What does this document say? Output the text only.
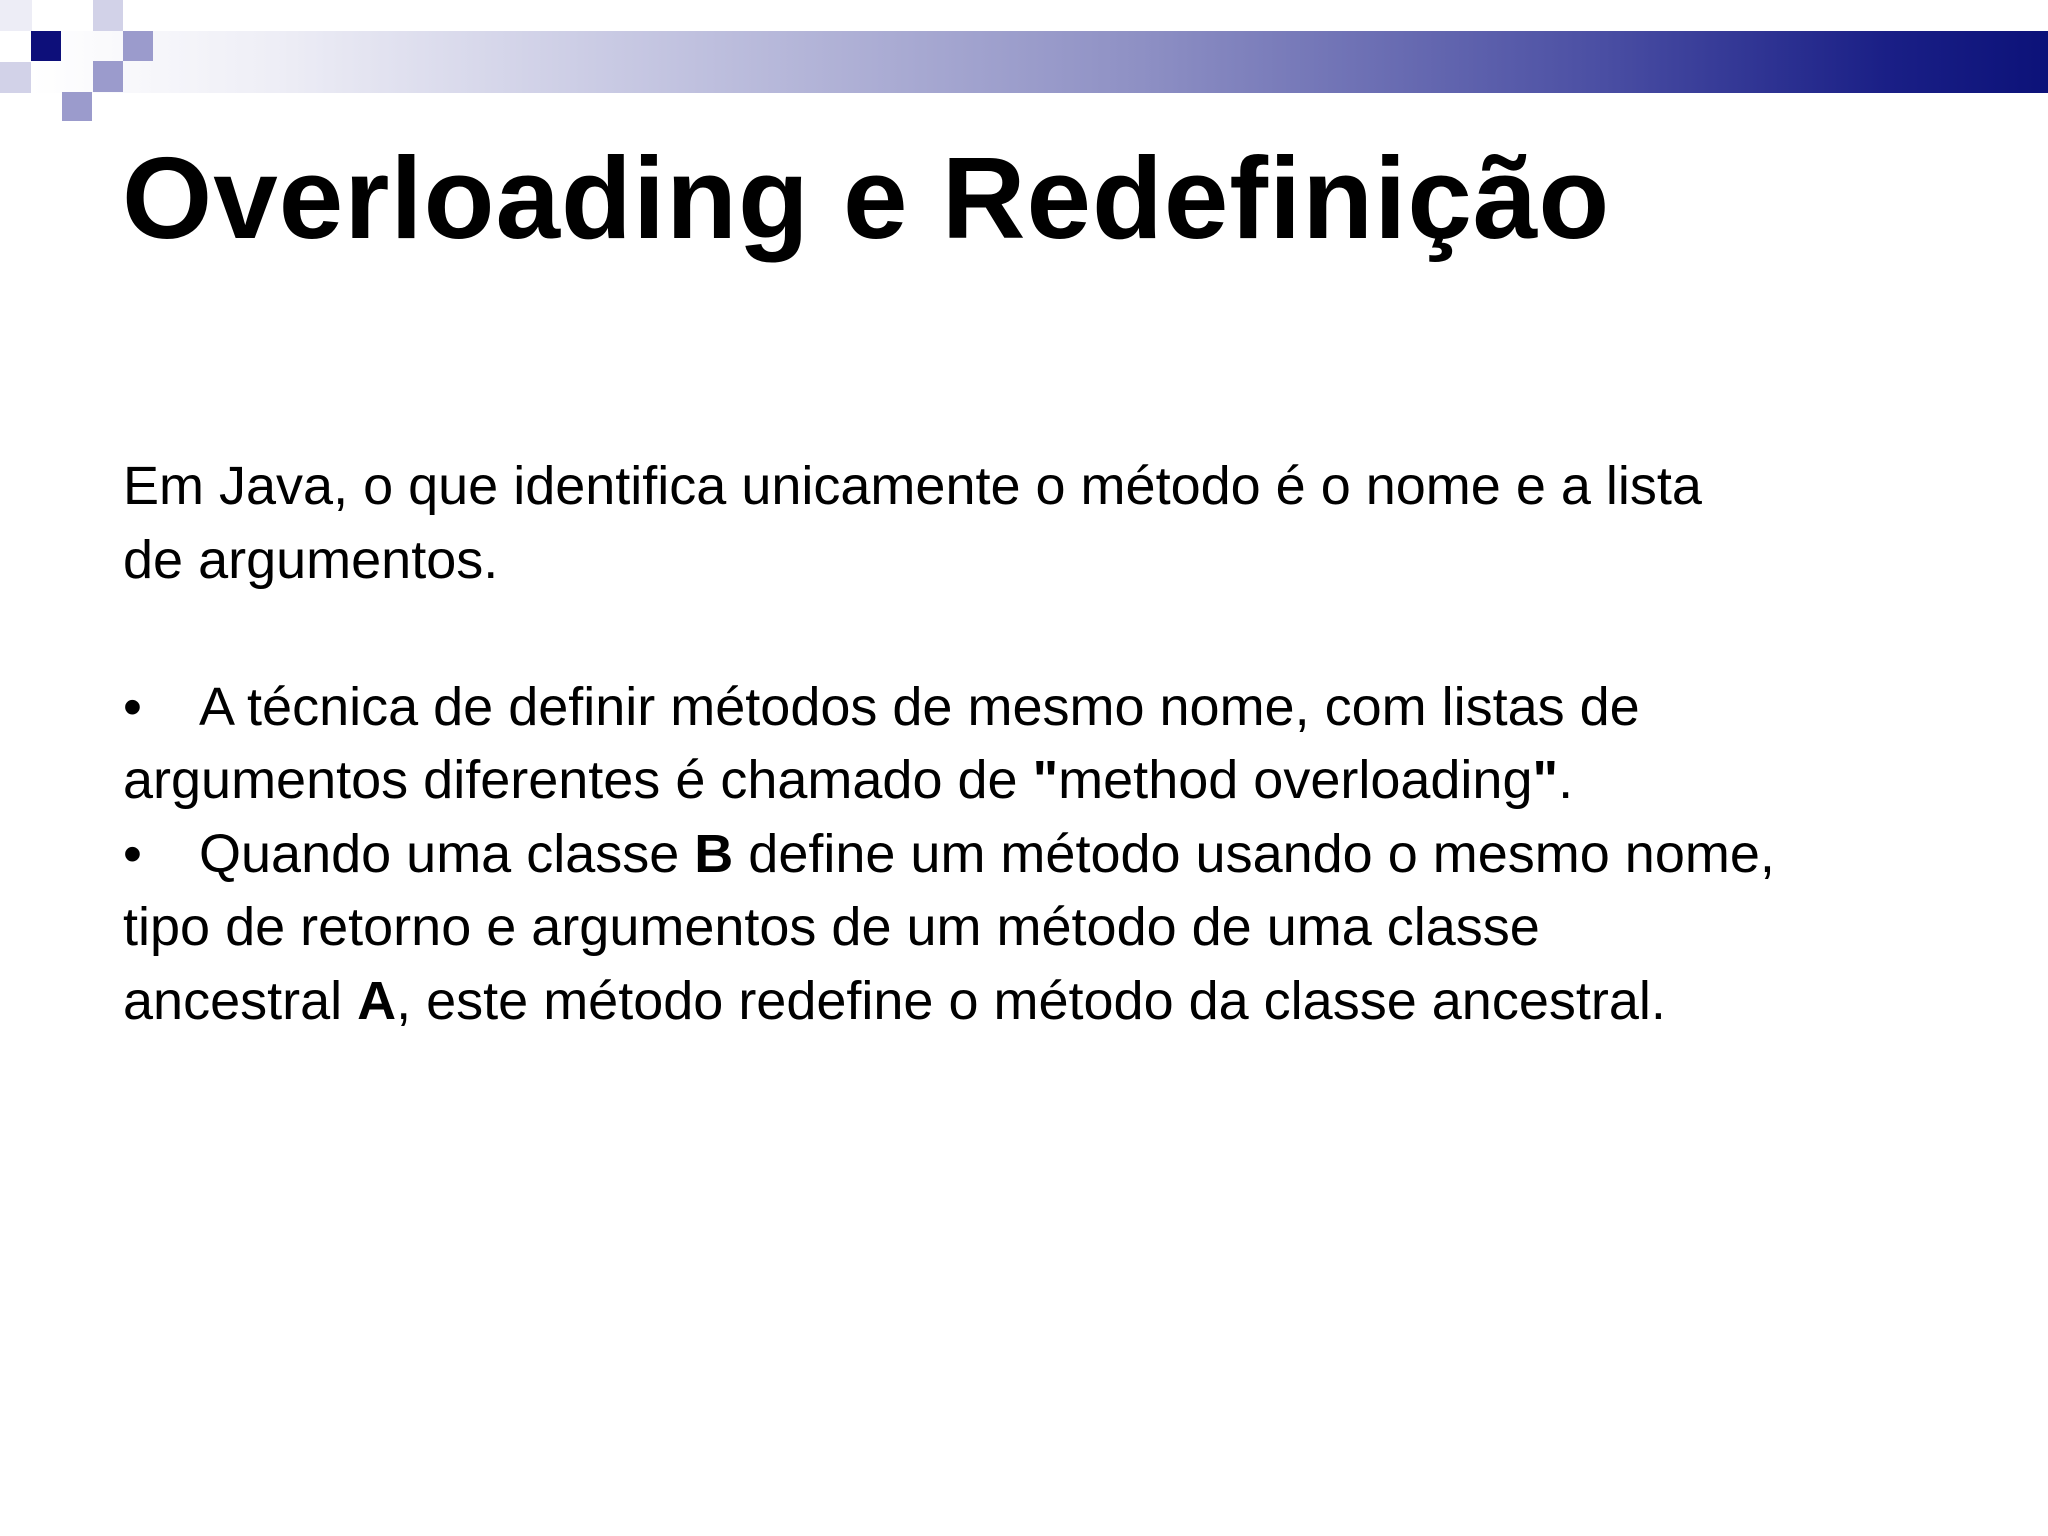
Overloading e Redefinição

Em Java, o que identifica unicamente o método é o nome e a lista
de argumentos.

• A técnica de definir métodos de mesmo nome, com listas de
argumentos diferentes é chamado de "method overloading".

• Quando uma classe B define um método usando o mesmo nome,
tipo de retorno e argumentos de um método de uma classe
ancestral A, este método redefine o método da classe ancestral.
